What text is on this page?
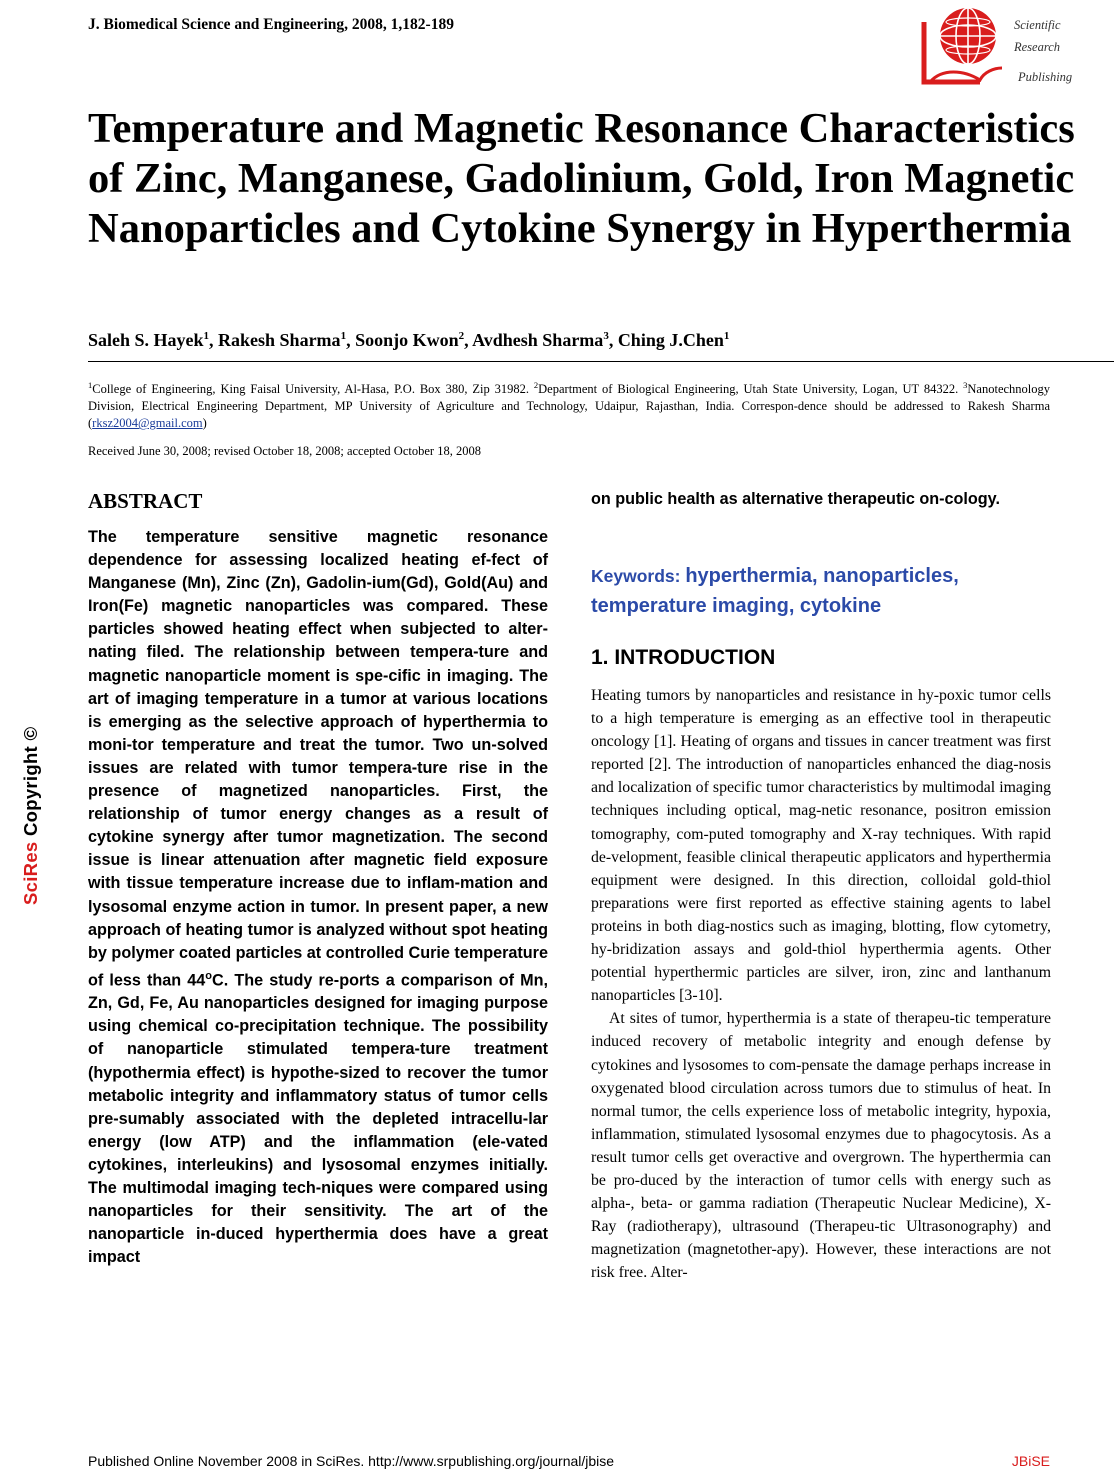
J. Biomedical Science and Engineering, 2008, 1,182-189	Scientific
Research
Publishing
Temperature and Magnetic Resonance Characteristics of Zinc, Manganese, Gadolinium, Gold, Iron Magnetic Nanoparticles and Cytokine Synergy in Hyperthermia
Saleh S. Hayek$^1$, Rakesh Sharma$^1$, Soonjo Kwon$^2$, Avdhesh Sharma$^3$, Ching J.Chen$^1$
$^1$College of Engineering, King Faisal University, Al-Hasa, P.O. Box 380, Zip 31982. $^2$Department of Biological Engineering, Utah State University, Logan, UT 84322. $^3$Nanotechnology Division, Electrical Engineering Department, MP University of Agriculture and Technology, Udaipur, Rajasthan, India. Correspon-dence should be addressed to Rakesh Sharma (rksz2004@gmail.com)
Received June 30, 2008; revised October 18, 2008; accepted October 18, 2008
SciRes Copyright ©
ABSTRACT

The temperature sensitive magnetic resonance dependence for assessing localized heating ef-fect of Manganese (Mn), Zinc (Zn), Gadolin-ium(Gd), Gold(Au) and Iron(Fe) magnetic nanoparticles was compared. These particles showed heating effect when subjected to alter-nating filed. The relationship between tempera-ture and magnetic nanoparticle moment is spe-cific in imaging. The art of imaging temperature in a tumor at various locations is emerging as the selective approach of hyperthermia to moni-tor temperature and treat the tumor. Two un-solved issues are related with tumor tempera-ture rise in the presence of magnetized nanoparticles. First, the relationship of tumor energy changes as a result of cytokine synergy after tumor magnetization. The second issue is linear attenuation after magnetic field exposure with tissue temperature increase due to inflam-mation and lysosomal enzyme action in tumor. In present paper, a new approach of heating tumor is analyzed without spot heating by polymer coated particles at controlled Curie temperature of less than 44$^o$C. The study re-ports a comparison of Mn, Zn, Gd, Fe, Au nanoparticles designed for imaging purpose using chemical co-precipitation technique. The possibility of nanoparticle stimulated tempera-ture treatment (hypothermia effect) is hypothe-sized to recover the tumor metabolic integrity and inflammatory status of tumor cells pre-sumably associated with the depleted intracellu-lar energy (low ATP) and the inflammation (ele-vated cytokines, interleukins) and lysosomal enzymes initially. The multimodal imaging tech-niques were compared using nanoparticles for their sensitivity. The art of the nanoparticle in-duced hyperthermia does have a great impact

on public health as alternative therapeutic on-cology.

Keywords: hyperthermia, nanoparticles, temperature imaging, cytokine

1. INTRODUCTION

Heating tumors by nanoparticles and resistance in hy-poxic tumor cells to a high temperature is emerging as an effective tool in therapeutic oncology [1]. Heating of organs and tissues in cancer treatment was first reported [2]. The introduction of nanoparticles enhanced the diag-nosis and localization of specific tumor characteristics by multimodal imaging techniques including optical, mag-netic resonance, positron emission tomography, com-puted tomography and X-ray techniques. With rapid de-velopment, feasible clinical therapeutic applicators and hyperthermia equipment were designed. In this direction, colloidal gold-thiol preparations were first reported as effective staining agents to label proteins in both diag-nostics such as imaging, blotting, flow cytometry, hy-bridization assays and gold-thiol hyperthermia agents. Other potential hyperthermic particles are silver, iron, zinc and lanthanum nanoparticles [3-10].

At sites of tumor, hyperthermia is a state of therapeu-tic temperature induced recovery of metabolic integrity and enough defense by cytokines and lysosomes to com-pensate the damage perhaps increase in oxygenated blood circulation across tumors due to stimulus of heat. In normal tumor, the cells experience loss of metabolic integrity, hypoxia, inflammation, stimulated lysosomal enzymes due to phagocytosis. As a result tumor cells get overactive and overgrown. The hyperthermia can be pro-duced by the interaction of tumor cells with energy such as alpha-, beta- or gamma radiation (Therapeutic Nuclear Medicine), X-Ray (radiotherapy), ultrasound (Therapeu-tic Ultrasonography) and magnetization (magnetother-apy). However, these interactions are not risk free. Alter-

Published Online November 2008 in SciRes. http://www.srpublishing.org/journal/jbise	JBiSE
